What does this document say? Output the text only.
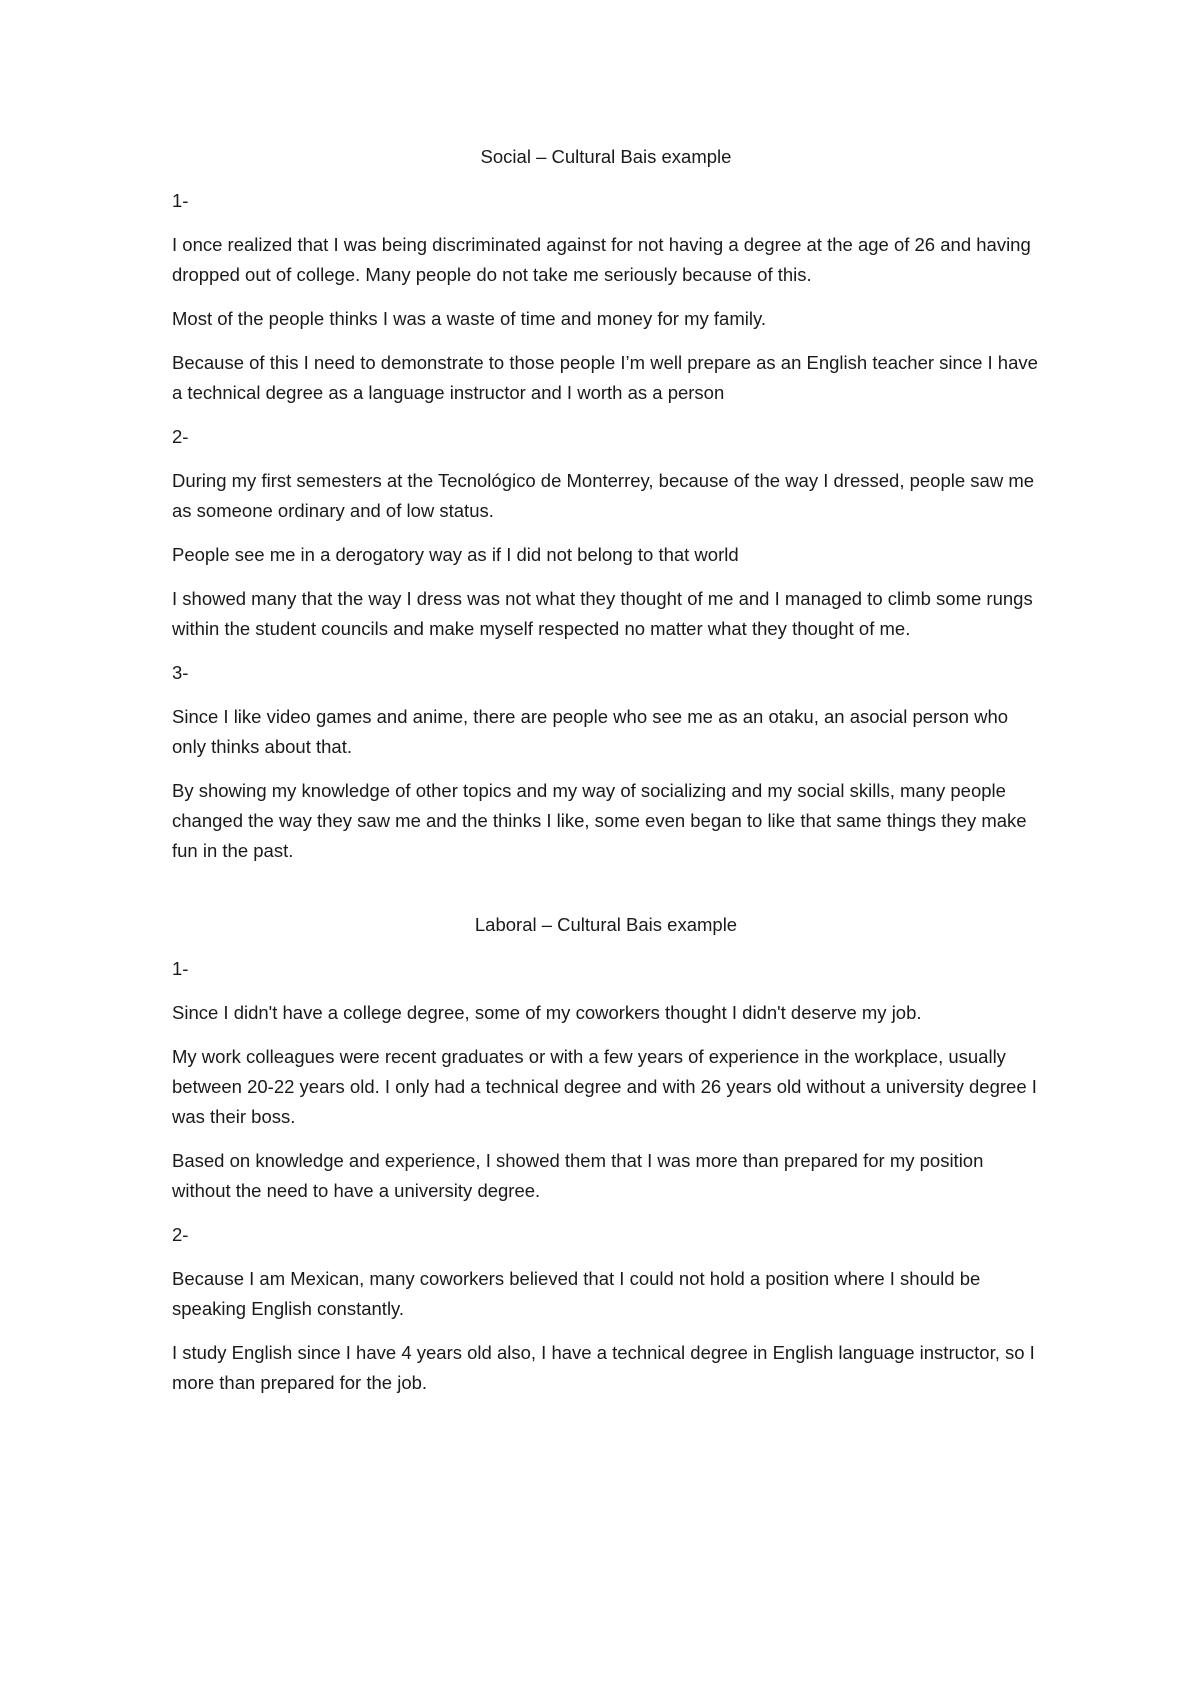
Social – Cultural Bais example
1-

I once realized that I was being discriminated against for not having a degree at the age of 26 and having dropped out of college. Many people do not take me seriously because of this.

Most of the people thinks I was a waste of time and money for my family.

Because of this I need to demonstrate to those people I’m well prepare as an English teacher since I have a technical degree as a language instructor and I worth as a person

2-

During my first semesters at the Tecnológico de Monterrey, because of the way I dressed, people saw me as someone ordinary and of low status.

People see me in a derogatory way as if I did not belong to that world

I showed many that the way I dress was not what they thought of me and I managed to climb some rungs within the student councils and make myself respected no matter what they thought of me.

3-

Since I like video games and anime, there are people who see me as an otaku, an asocial person who only thinks about that.

By showing my knowledge of other topics and my way of socializing and my social skills, many people changed the way they saw me and the thinks I like, some even began to like that same things they make fun in the past.

Laboral – Cultural Bais example
1-

Since I didn't have a college degree, some of my coworkers thought I didn't deserve my job.

My work colleagues were recent graduates or with a few years of experience in the workplace, usually between 20-22 years old. I only had a technical degree and with 26 years old without a university degree I was their boss.

Based on knowledge and experience, I showed them that I was more than prepared for my position without the need to have a university degree.

2-

Because I am Mexican, many coworkers believed that I could not hold a position where I should be speaking English constantly.

I study English since I have 4 years old also, I have a technical degree in English language instructor, so I more than prepared for the job.
